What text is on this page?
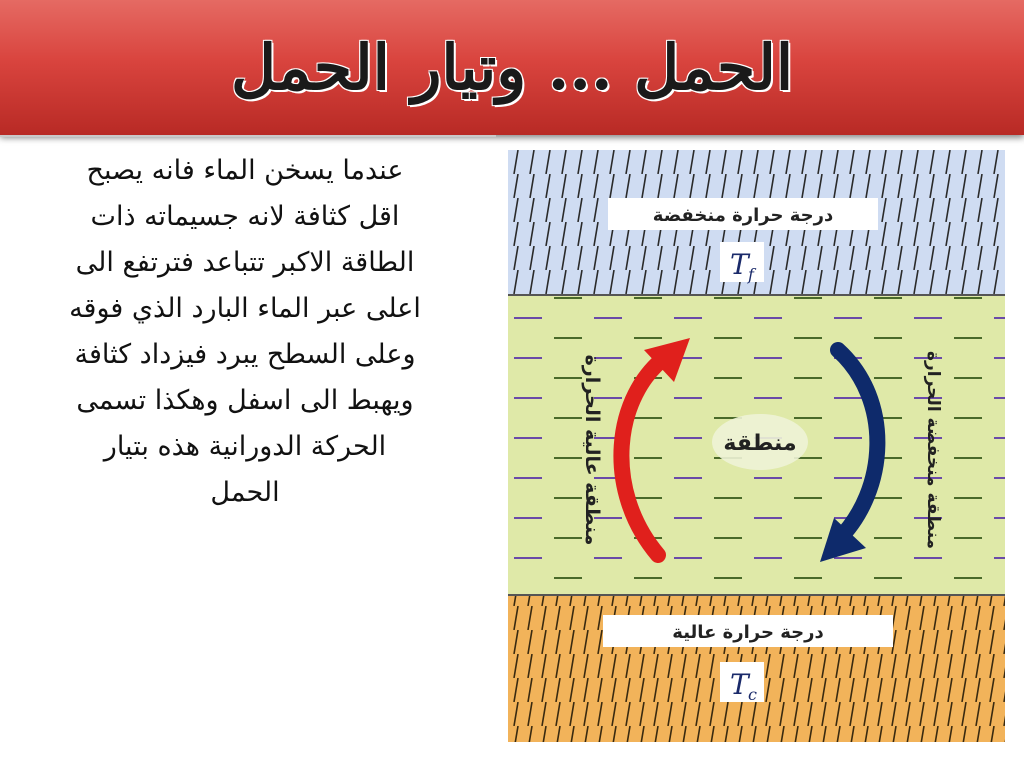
الحمل ... وتيار الحمل
عندما يسخن الماء فانه يصبح
اقل كثافة لانه جسيماته ذات
الطاقة الاكبر تتباعد فترتفع الى
اعلى عبر الماء البارد الذي فوقه
وعلى السطح يبرد فيزداد كثافة
ويهبط الى اسفل وهكذا تسمى
الحركة الدورانية هذه بتيار
الحمل
درجة حرارة منخفضة
T f
درجة حرارة عالية
T c
منطقة
منطقة عالية الحرارة	منطقة منخفضة الحرارة
